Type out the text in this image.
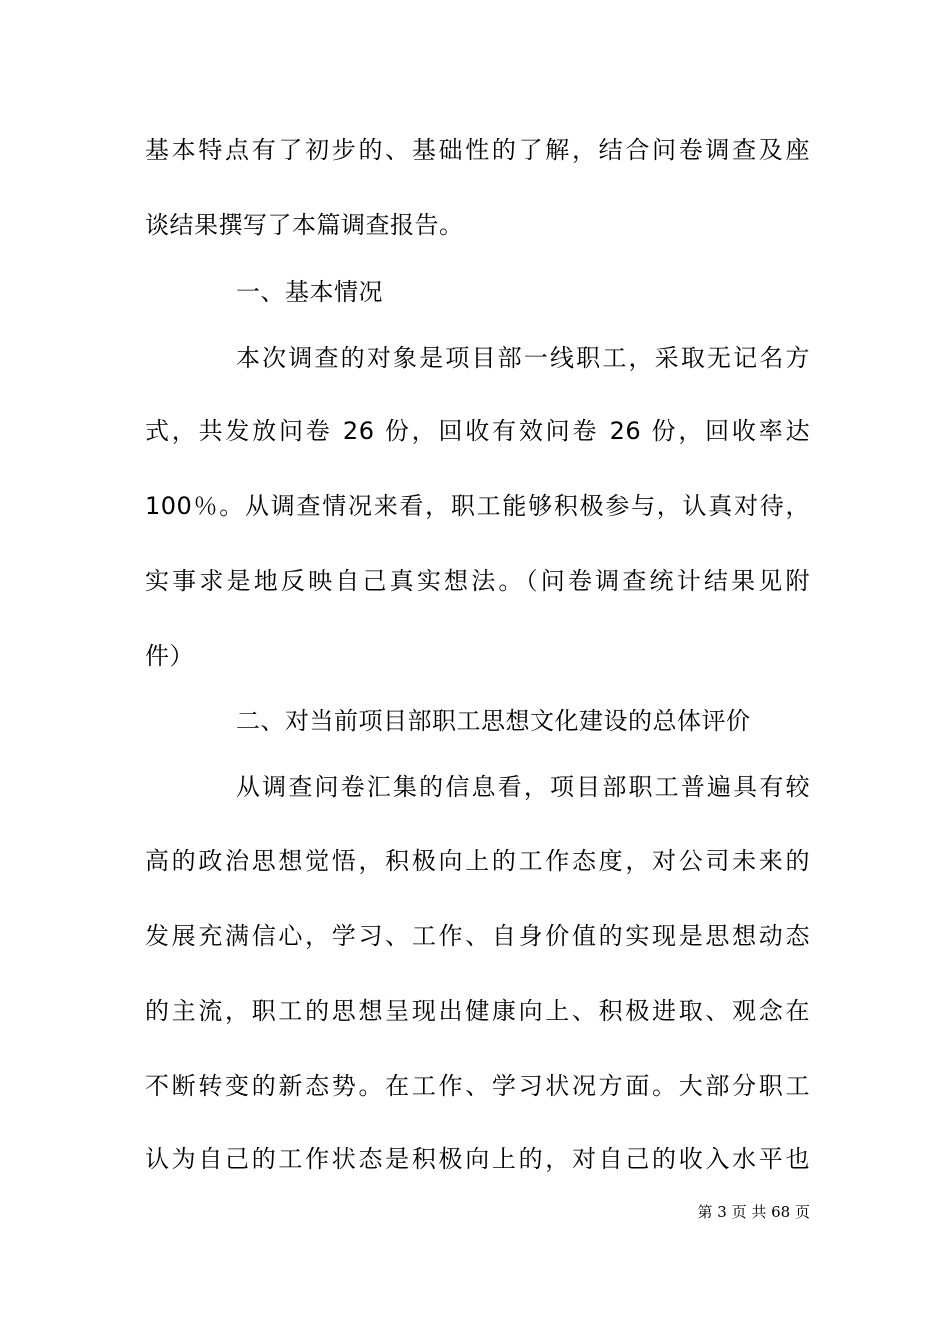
基本特点有了初步的、基础性的了解，结合问卷调查及座
谈结果撰写了本篇调查报告。
一、基本情况
本次调查的对象是项目部一线职工，采取无记名方
式，共发放问卷 26 份，回收有效问卷 26 份，回收率达
100％。从调查情况来看，职工能够积极参与，认真对待，
实事求是地反映自己真实想法。（问卷调查统计结果见附
件）
二、对当前项目部职工思想文化建设的总体评价
从调查问卷汇集的信息看，项目部职工普遍具有较
高的政治思想觉悟，积极向上的工作态度，对公司未来的
发展充满信心，学习、工作、自身价值的实现是思想动态
的主流，职工的思想呈现出健康向上、积极进取、观念在
不断转变的新态势。在工作、学习状况方面。大部分职工
认为自己的工作状态是积极向上的，对自己的收入水平也
第 3 页 共 68 页
